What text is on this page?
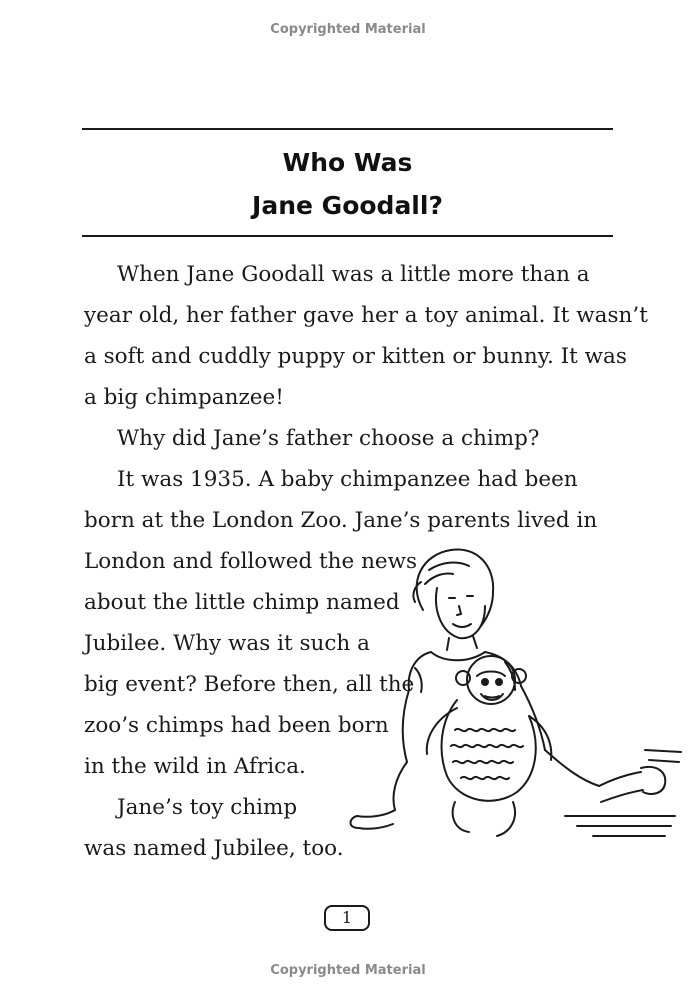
Copyrighted Material
Who Was
Jane Goodall?
When Jane Goodall was a little more than a
year old, her father gave her a toy animal. It wasn’t
a soft and cuddly puppy or kitten or bunny. It was
a big chimpanzee!
Why did Jane’s father choose a chimp?
It was 1935. A baby chimpanzee had been
born at the London Zoo. Jane’s parents lived in
London and followed the news
about the little chimp named
Jubilee. Why was it such a
big event? Before then, all the
zoo’s chimps had been born
in the wild in Africa.
Jane’s toy chimp
was named Jubilee, too.
1
Copyrighted Material
